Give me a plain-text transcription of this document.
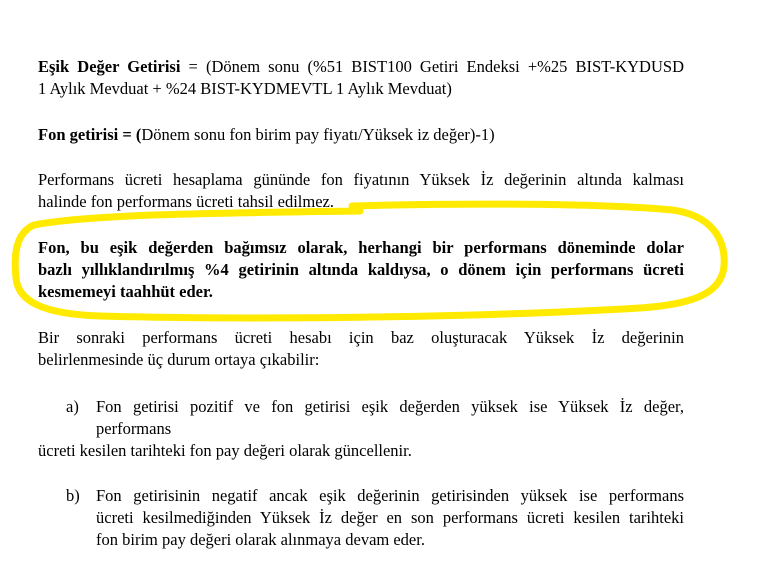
Eşik Değer Getirisi = (Dönem sonu (%51 BIST100 Getiri Endeksi +%25 BIST-KYDUSD
1 Aylık Mevduat + %24 BIST-KYDMEVTL 1 Aylık Mevduat)
Fon getirisi = (Dönem sonu fon birim pay fiyatı/Yüksek iz değer)-1)
Performans ücreti hesaplama gününde fon fiyatının Yüksek İz değerinin altında kalması
halinde fon performans ücreti tahsil edilmez.
Fon, bu eşik değerden bağımsız olarak, herhangi bir performans döneminde dolar
bazlı yıllıklandırılmış %4 getirinin altında kaldıysa, o dönem için performans ücreti
kesmemeyi taahhüt eder.
Bir sonraki performans ücreti hesabı için baz oluşturacak Yüksek İz değerinin
belirlenmesinde üç durum ortaya çıkabilir:
a) Fon getirisi pozitif ve fon getirisi eşik değerden yüksek ise Yüksek İz değer,
performans
ücreti kesilen tarihteki fon pay değeri olarak güncellenir.
b) Fon getirisinin negatif ancak eşik değerinin getirisinden yüksek ise performans
ücreti kesilmediğinden Yüksek İz değer en son performans ücreti kesilen tarihteki
fon birim pay değeri olarak alınmaya devam eder.
